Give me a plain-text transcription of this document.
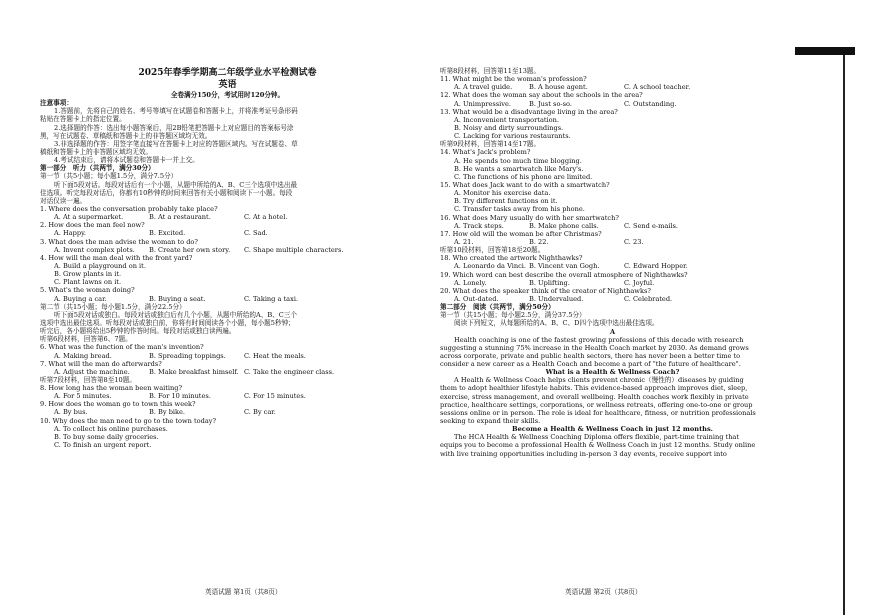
2025年春季学期高二年级学业水平检测试卷
英语
全卷满分150分，考试用时120分钟。
注意事项：
1.答题前，先将自己的姓名、考号等填写在试题卷和答题卡上，并将准考证号条形码
粘贴在答题卡上的指定位置。
2.选择题的作答：选出每小题答案后，用2B铅笔把答题卡上对应题目的答案标号涂
黑，写在试题卷、草稿纸和答题卡上的非答题区域均无效。
3.非选择题的作答：用签字笔直接写在答题卡上对应的答题区域内。写在试题卷、草
稿纸和答题卡上的非答题区域均无效。
4.考试结束后，请将本试题卷和答题卡一并上交。
第一部分　听力（共两节，满分30分）
第一节（共5小题；每小题1.5分，满分7.5分）
听下面5段对话。每段对话后有一个小题，从题中所给的A、B、C三个选项中选出最
佳选项。听完每段对话后，你都有10秒钟的时间来回答有关小题和阅读下一小题。每段
对话仅读一遍。
1. Where does the conversation probably take place?
A. At a supermarket.	B. At a restaurant.	C. At a hotel.
2. How does the man feel now?
A. Happy.	B. Excited.	C. Sad.
3. What does the man advise the woman to do?
A. Invent complex plots.	B. Create her own story.	C. Shape multiple characters.
4. How will the man deal with the front yard?
A. Build a playground on it.
B. Grow plants in it.
C. Plant lawns on it.
5. What's the woman doing?
A. Buying a car.	B. Buying a seat.	C. Taking a taxi.
第二节（共15小题；每小题1.5分，满分22.5分）
听下面5段对话或独白。每段对话或独白后有几个小题，从题中所给的A、B、C三个
选项中选出最佳选项。听每段对话或独白前，你将有时间阅读各个小题，每小题5秒钟；
听完后，各小题将给出5秒钟的作答时间。每段对话或独白读两遍。
听第6段材料，回答第6、7题。
6. What was the function of the man's invention?
A. Making bread.	B. Spreading toppings.	C. Heat the meals.
7. What will the man do afterwards?
A. Adjust the machine.	B. Make breakfast himself. C. Take the engineer class.
听第7段材料，回答第8至10题。
8. How long has the woman been waiting?
A. For 5 minutes.	B. For 10 minutes.	C. For 15 minutes.
9. How does the woman go to town this week?
A. By bus.	B. By bike.	C. By car.
10. Why does the man need to go to the town today?
A. To collect his online purchases.
B. To buy some daily groceries.
C. To finish an urgent report.
听第8段材料，回答第11至13题。
11. What might be the woman's profession?
A. A travel guide.	B. A house agent.	C. A school teacher.
12. What does the woman say about the schools in the area?
A. Unimpressive.	B. Just so-so.	C. Outstanding.
13. What would be a disadvantage living in the area?
A. Inconvenient transportation.
B. Noisy and dirty surroundings.
C. Lacking for various restaurants.
听第9段材料，回答第14至17题。
14. What's Jack's problem?
A. He spends too much time blogging.
B. He wants a smartwatch like Mary's.
C. The functions of his phone are limited.
15. What does Jack want to do with a smartwatch?
A. Monitor his exercise data.
B. Try different functions on it.
C. Transfer tasks away from his phone.
16. What does Mary usually do with her smartwatch?
A. Track steps.	B. Make phone calls.	C. Send e-mails.
17. How old will the woman be after Christmas?
A. 21.	B. 22.	C. 23.
听第10段材料，回答第18至20题。
18. Who created the artwork Nighthawks?
A. Leonardo da Vinci. B. Vincent van Gogh.	C. Edward Hopper.
19. Which word can best describe the overall atmosphere of Nighthawks?
A. Lonely.	B. Uplifting.	C. Joyful.
20. What does the speaker think of the creator of Nighthawks?
A. Out-dated.	B. Undervalued.	C. Celebrated.
第二部分　阅读（共两节，满分50分）
第一节（共15小题；每小题2.5分，满分37.5分）
阅读下列短文，从每题所给的A、B、C、D四个选项中选出最佳选项。
A
Health coaching is one of the fastest growing professions of this decade with research
suggesting a stunning 75% increase in the Health Coach market by 2030. As demand grows
across corporate, private and public health sectors, there has never been a better time to
consider a new career as a Health Coach and become a part of "the future of healthcare".
What is a Health & Wellness Coach?
A Health & Wellness Coach helps clients prevent chronic（慢性的）diseases by guiding
them to adopt healthier lifestyle habits. This evidence-based approach improves diet, sleep,
exercise, stress management, and overall wellbeing. Health coaches work flexibly in private
practice, healthcare settings, corporations, or wellness retreats, offering one-to-one or group
sessions online or in person. The role is ideal for healthcare, fitness, or nutrition professionals
seeking to expand their skills.
Become a Health & Wellness Coach in just 12 months.
The HCA Health & Wellness Coaching Diploma offers flexible, part-time training that
equips you to become a professional Health & Wellness Coach in just 12 months. Study online
with live training opportunities including in-person 3 day events, receive support into
英语试题 第1页（共8页）	英语试题 第2页（共8页）
